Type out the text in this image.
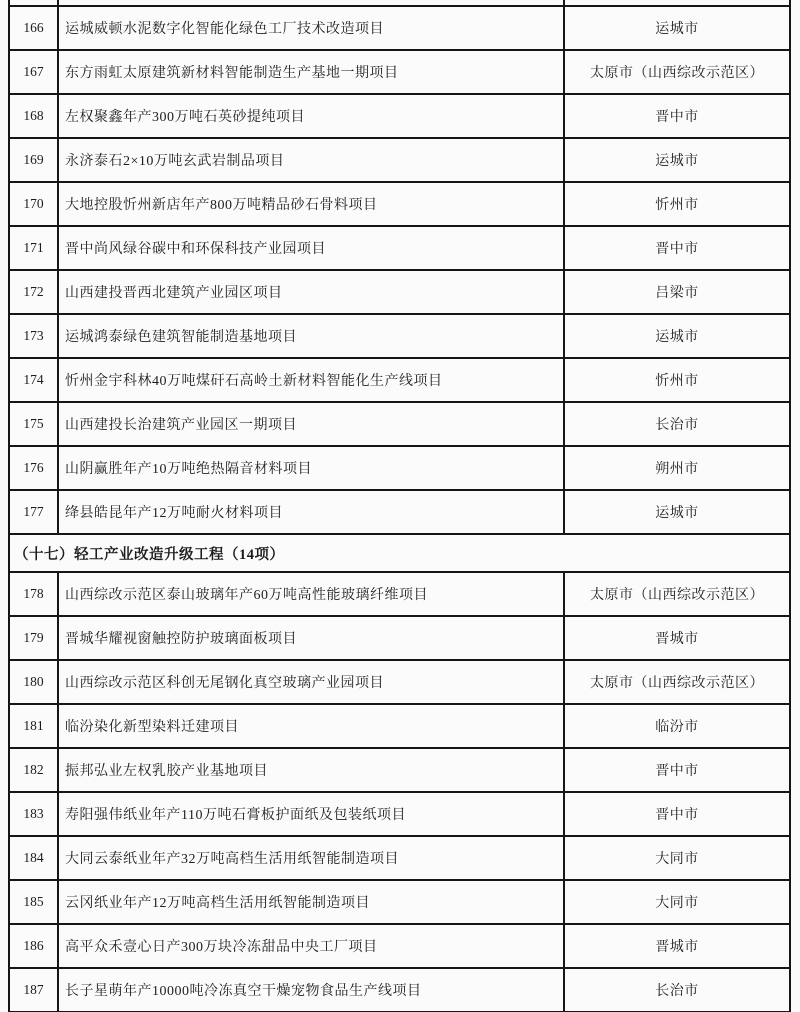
166	运城威顿水泥数字化智能化绿色工厂技术改造项目	运城市
167	东方雨虹太原建筑新材料智能制造生产基地一期项目	太原市（山西综改示范区）
168	左权聚鑫年产300万吨石英砂提纯项目	晋中市
169	永济泰石2×10万吨玄武岩制品项目	运城市
170	大地控股忻州新店年产800万吨精品砂石骨料项目	忻州市
171	晋中尚风绿谷碳中和环保科技产业园项目	晋中市
172	山西建投晋西北建筑产业园区项目	吕梁市
173	运城鸿泰绿色建筑智能制造基地项目	运城市
174	忻州金宇科林40万吨煤矸石高岭土新材料智能化生产线项目	忻州市
175	山西建投长治建筑产业园区一期项目	长治市
176	山阴赢胜年产10万吨绝热隔音材料项目	朔州市
177	绛县皓昆年产12万吨耐火材料项目	运城市
（十七）轻工产业改造升级工程（14项）
178	山西综改示范区泰山玻璃年产60万吨高性能玻璃纤维项目	太原市（山西综改示范区）
179	晋城华耀视窗触控防护玻璃面板项目	晋城市
180	山西综改示范区科创无尾钢化真空玻璃产业园项目	太原市（山西综改示范区）
181	临汾染化新型染料迁建项目	临汾市
182	振邦弘业左权乳胶产业基地项目	晋中市
183	寿阳强伟纸业年产110万吨石膏板护面纸及包装纸项目	晋中市
184	大同云泰纸业年产32万吨高档生活用纸智能制造项目	大同市
185	云冈纸业年产12万吨高档生活用纸智能制造项目	大同市
186	高平众禾壹心日产300万块冷冻甜品中央工厂项目	晋城市
187	长子星萌年产10000吨冷冻真空干燥宠物食品生产线项目	长治市
